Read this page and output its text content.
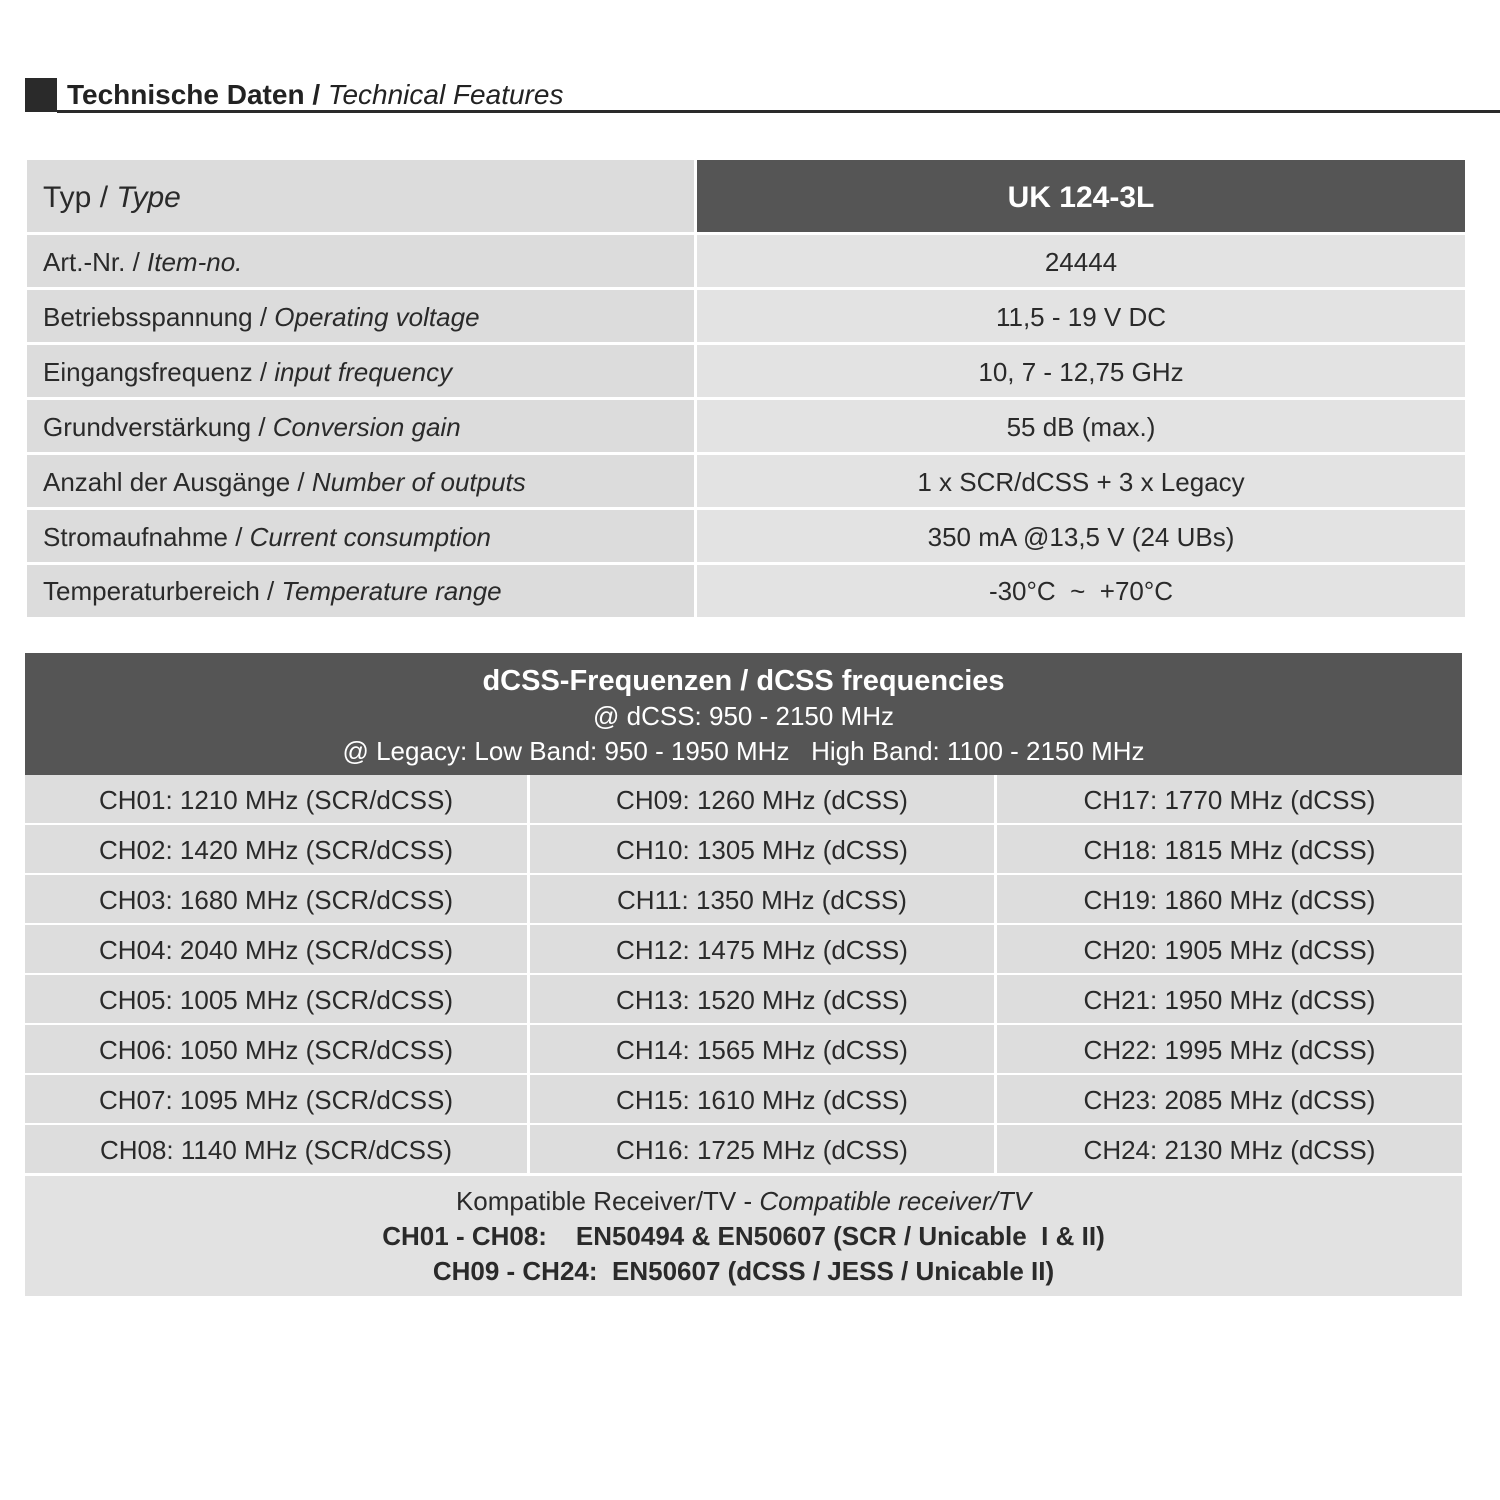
Technische Daten / Technical Features
Typ / Type	UK 124-3L
Art.-Nr. / Item-no.	24444
Betriebsspannung / Operating voltage	11,5 - 19 V DC
Eingangsfrequenz / input frequency	10, 7 - 12,75 GHz
Grundverstärkung / Conversion gain	55 dB (max.)
Anzahl der Ausgänge / Number of outputs	1 x SCR/dCSS + 3 x Legacy
Stromaufnahme / Current consumption	350 mA @13,5 V (24 UBs)
Temperaturbereich / Temperature range	-30°C  ~  +70°C
dCSS-Frequenzen / dCSS frequencies
@ dCSS: 950 - 2150 MHz
@ Legacy: Low Band: 950 - 1950 MHz   High Band: 1100 - 2150 MHz
CH01: 1210 MHz (SCR/dCSS)	CH09: 1260 MHz (dCSS)	CH17: 1770 MHz (dCSS)
CH02: 1420 MHz (SCR/dCSS)	CH10: 1305 MHz (dCSS)	CH18: 1815 MHz (dCSS)
CH03: 1680 MHz (SCR/dCSS)	CH11: 1350 MHz (dCSS)	CH19: 1860 MHz (dCSS)
CH04: 2040 MHz (SCR/dCSS)	CH12: 1475 MHz (dCSS)	CH20: 1905 MHz (dCSS)
CH05: 1005 MHz (SCR/dCSS)	CH13: 1520 MHz (dCSS)	CH21: 1950 MHz (dCSS)
CH06: 1050 MHz (SCR/dCSS)	CH14: 1565 MHz (dCSS)	CH22: 1995 MHz (dCSS)
CH07: 1095 MHz (SCR/dCSS)	CH15: 1610 MHz (dCSS)	CH23: 2085 MHz (dCSS)
CH08: 1140 MHz (SCR/dCSS)	CH16: 1725 MHz (dCSS)	CH24: 2130 MHz (dCSS)
Kompatible Receiver/TV - Compatible receiver/TV
CH01 - CH08:    EN50494 & EN50607 (SCR / Unicable  I & II)
CH09 - CH24:  EN50607 (dCSS / JESS / Unicable II)
